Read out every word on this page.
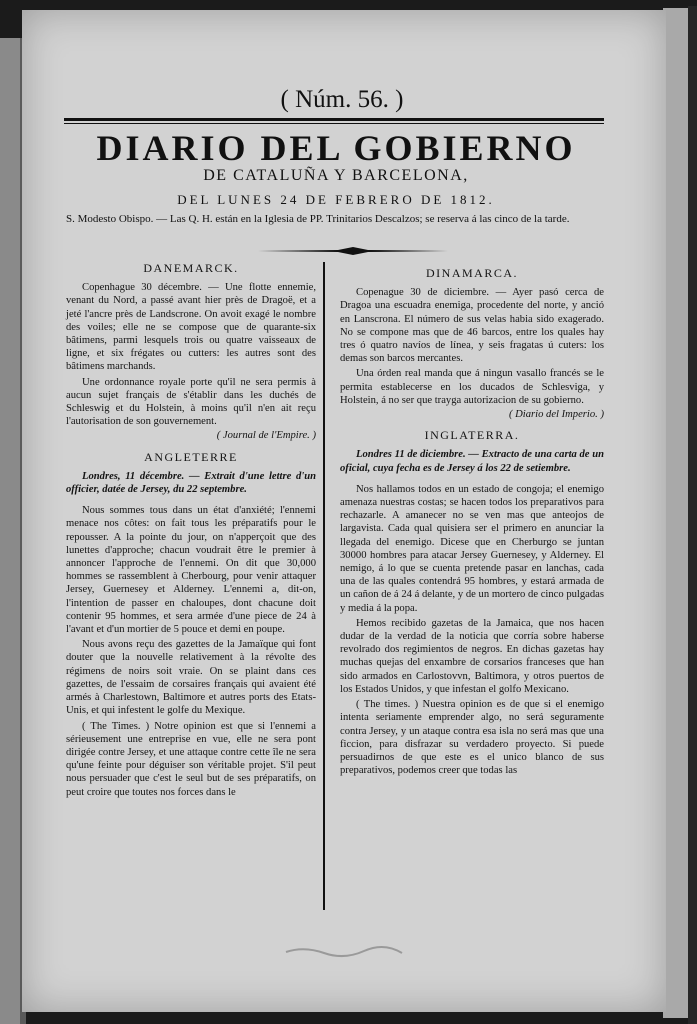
( Núm. 56. )
DIARIO DEL GOBIERNO
DE CATALUÑA Y BARCELONA,
DEL LUNES 24 DE FEBRERO DE 1812.
S. Modesto Obispo. — Las Q. H. están en la Iglesia de PP. Trinitarios Descalzos; se reserva á las cinco de la tarde.
DANEMARCK.

Copenhague 30 décembre. — Une flotte ennemie, venant du Nord, a passé avant hier près de Dragoë, et a jeté l'ancre près de Landscrone. On avoit exagé le nombre des voiles; elle ne se compose que de quarante-six bâtimens, parmi lesquels trois ou quatre vaisseaux de ligne, et six frégates ou cutters: les autres sont des bâtimens marchands.

Une ordonnance royale porte qu'il ne sera permis à aucun sujet français de s'établir dans les duchés de Schleswig et du Holstein, à moins qu'il n'en ait reçu l'autorisation de son gouvernement.

( Journal de l'Empire. )
ANGLETERRE

Londres, 11 décembre. — Extrait d'une lettre d'un officier, datée de Jersey, du 22 septembre.

Nous sommes tous dans un état d'anxiété; l'ennemi menace nos côtes: on fait tous les préparatifs pour le repousser. A la pointe du jour, on n'apperçoit que des lunettes d'approche; chacun voudrait être le premier à annoncer l'approche de l'ennemi. On dit que 30,000 hommes se rassemblent à Cherbourg, pour venir attaquer Jersey, Guernesey et Alderney. L'ennemi a, dit-on, l'intention de passer en chaloupes, dont chacune doit contenir 95 hommes, et sera armée d'une piece de 24 à l'avant et d'un mortier de 5 pouce et demi en poupe.

Nous avons reçu des gazettes de la Jamaïque qui font douter que la nouvelle relativement à la révolte des régimens de noirs soit vraie. On se plaint dans ces gazettes, de l'essaim de corsaires français qui avaient été armés à Charlestown, Baltimore et autres ports des Etats-Unis, et qui infestent le golfe du Mexique.

( The Times. ) Notre opinion est que si l'ennemi a sérieusement une entreprise en vue, elle ne sera pont dirigée contre Jersey, et une attaque contre cette île ne sera qu'une feinte pour déguiser son véritable projet. S'il peut nous persuader que c'est le seul but de ses préparatifs, on peut croire que toutes nos forces dans le

DINAMARCA.

Copenague 30 de diciembre. — Ayer pasó cerca de Dragoa una escuadra enemiga, procedente del norte, y anció en Lanscrona. El número de sus velas habia sido exagerado. No se compone mas que de 46 barcos, entre los quales hay tres ó quatro navíos de línea, y seis fragatas ú cuters: los demas son barcos mercantes.

Una órden real manda que á ningun vasallo francés se le permita establecerse en los ducados de Schlesviga, y Holstein, á no ser que trayga autorizacion de su gobierno.

( Diario del Imperio. )
INGLATERRA.

Londres 11 de diciembre. — Extracto de una carta de un oficial, cuya fecha es de Jersey á los 22 de setiembre.

Nos hallamos todos en un estado de congoja; el enemigo amenaza nuestras costas; se hacen todos los preparativos para rechazarle. A amanecer no se ven mas que anteojos de largavista. Cada qual quisiera ser el primero en anunciar la llegada del enemigo. Dicese que en Cherburgo se juntan 30000 hombres para atacar Jersey Guernesey, y Alderney. El nemigo, á lo que se cuenta pretende pasar en lanchas, cada una de las quales contendrá 95 hombres, y estará armada de un cañon de á 24 á delante, y de un mortero de cinco pulgadas y media á la popa.

Hemos recibido gazetas de la Jamaica, que nos hacen dudar de la verdad de la noticia que corría sobre haberse revolrado dos regimientos de negros. En dichas gazetas hay muchas quejas del enxambre de corsarios franceses que han sido armados en Carlostovvn, Baltimora, y otros puertos de los Estados Unidos, y que infestan el golfo Mexicano.

( The times. ) Nuestra opinion es de que si el enemigo intenta seriamente emprender algo, no será seguramente contra Jersey, y un ataque contra esa isla no será mas que una ficcion, para disfrazar su verdadero proyecto. Si puede persuadirnos de que este es el unico blanco de sus preparativos, podemos creer que todas las
